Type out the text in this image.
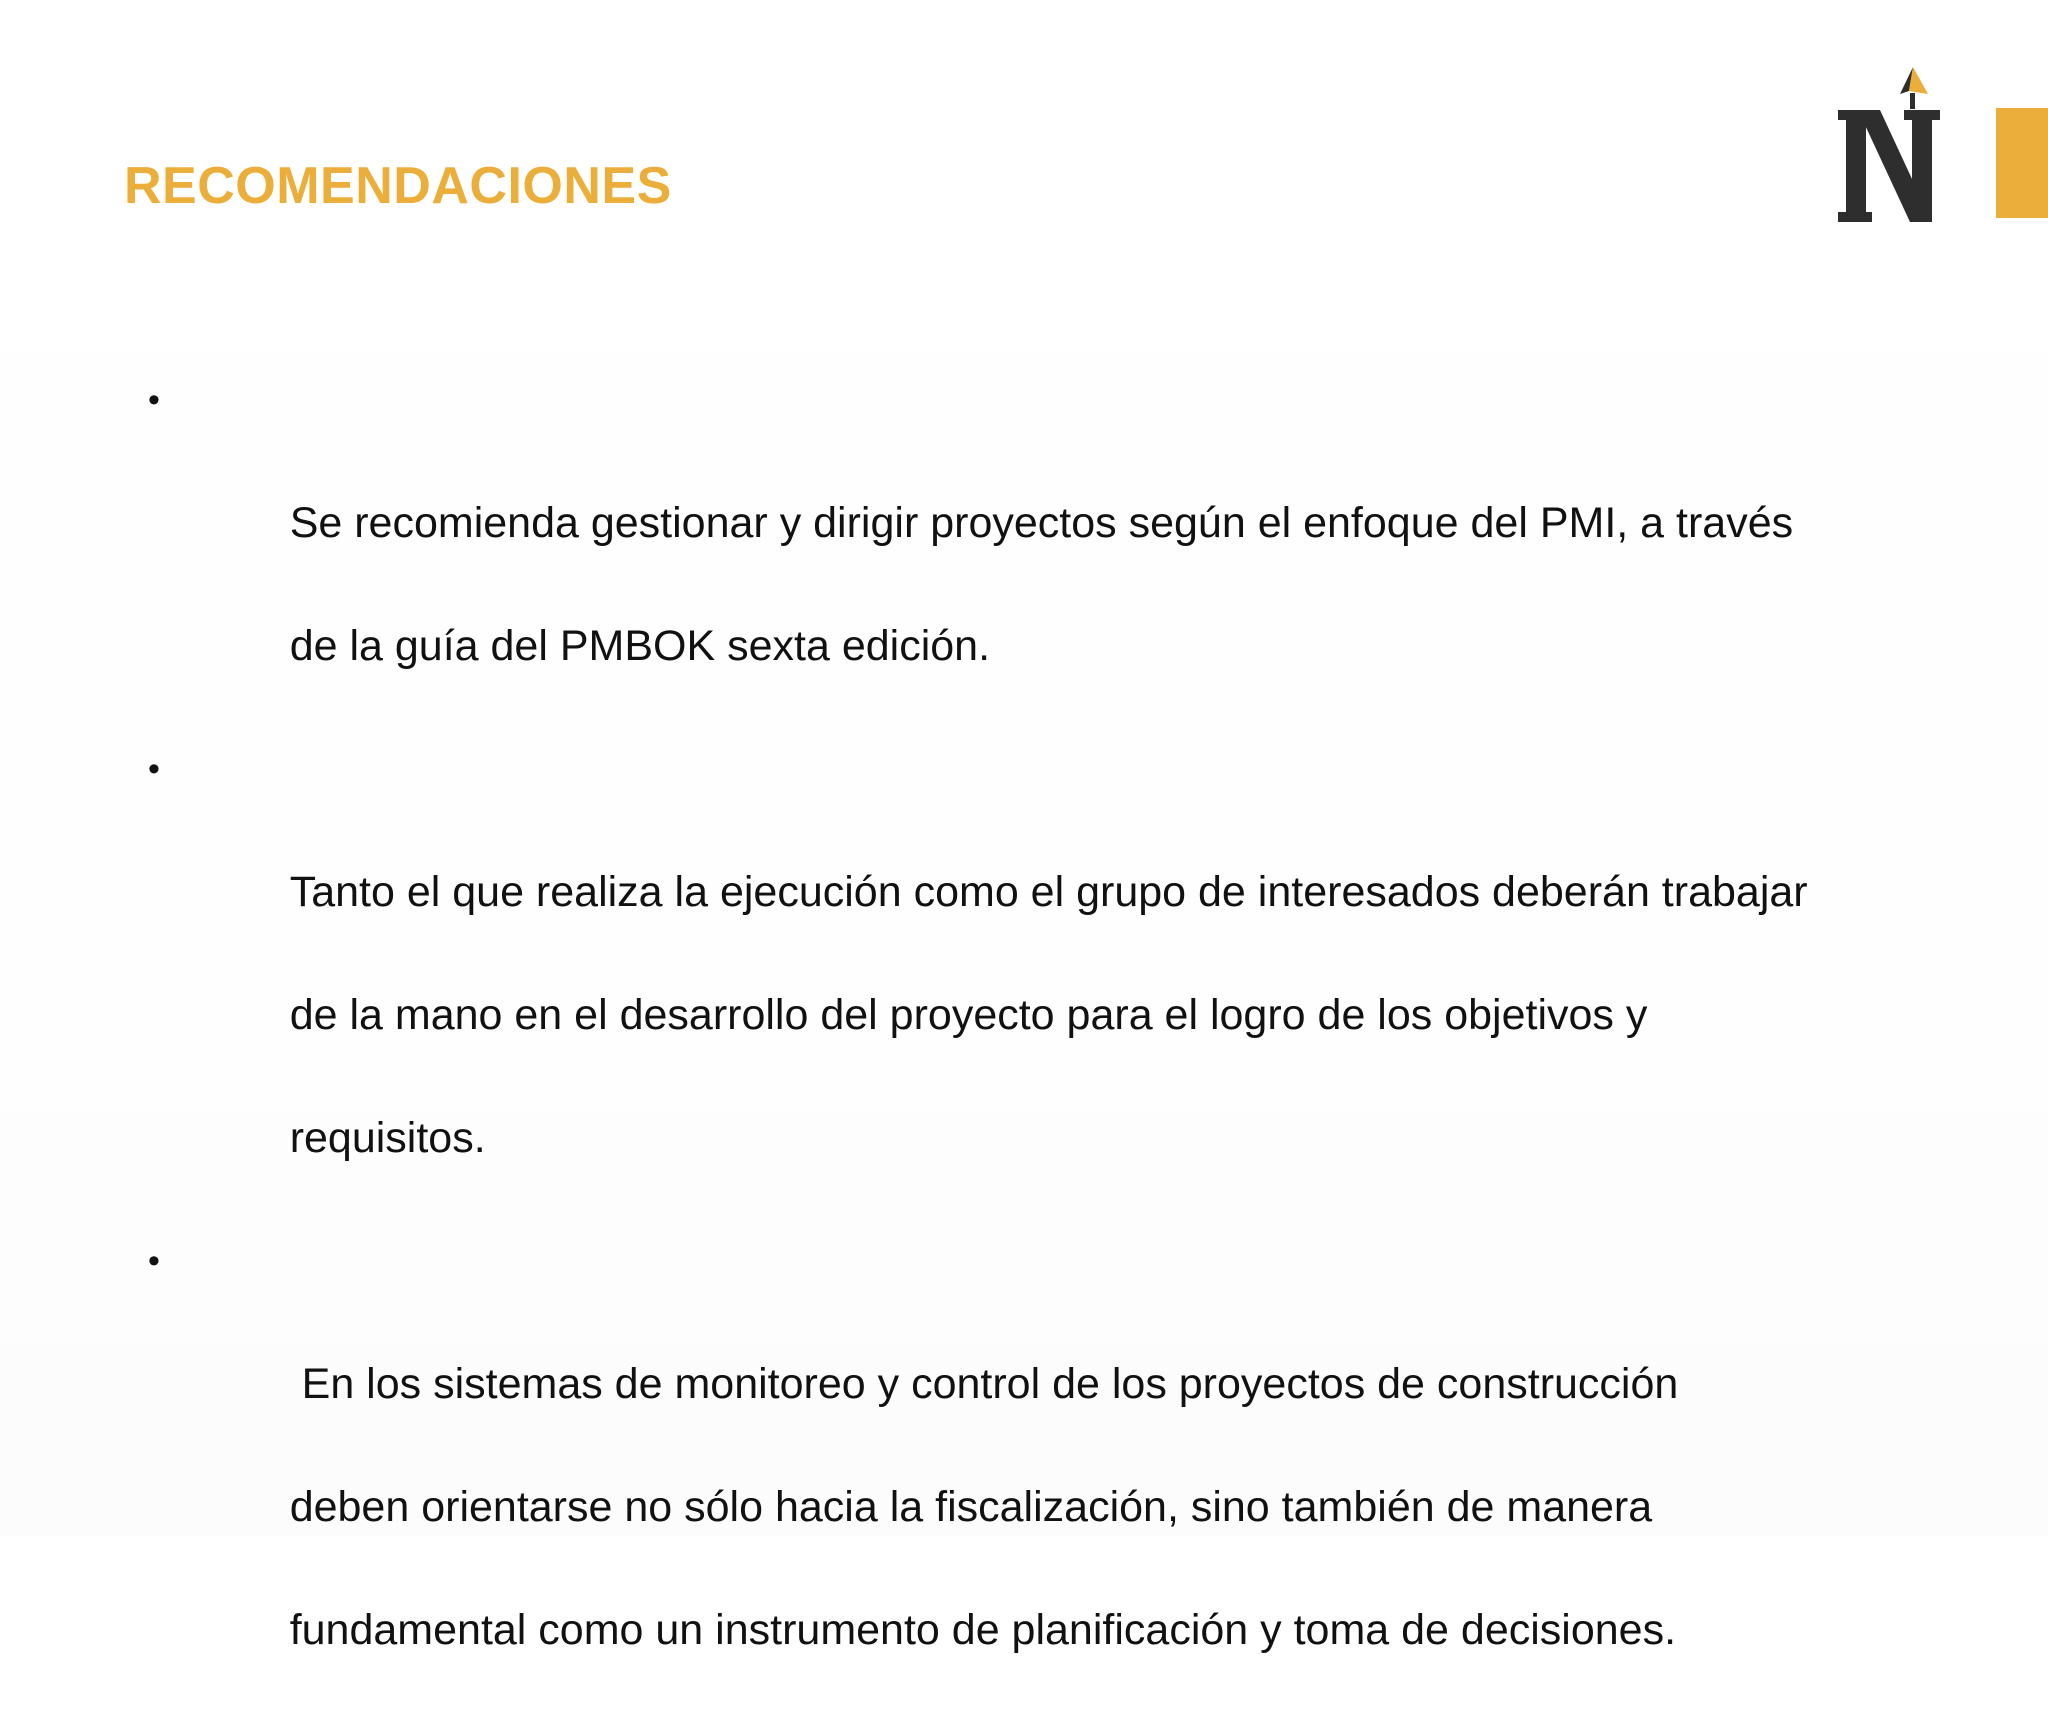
RECOMENDACIONES

•

Se recomienda gestionar y dirigir proyectos según el enfoque del PMI, a través

de la guía del PMBOK sexta edición.

•

Tanto el que realiza la ejecución como el grupo de interesados deberán trabajar

de la mano en el desarrollo del proyecto para el logro de los objetivos y

requisitos.

•

En los sistemas de monitoreo y control de los proyectos de construcción

deben orientarse no sólo hacia la fiscalización, sino también de manera

fundamental como un instrumento de planificación y toma de decisiones.
